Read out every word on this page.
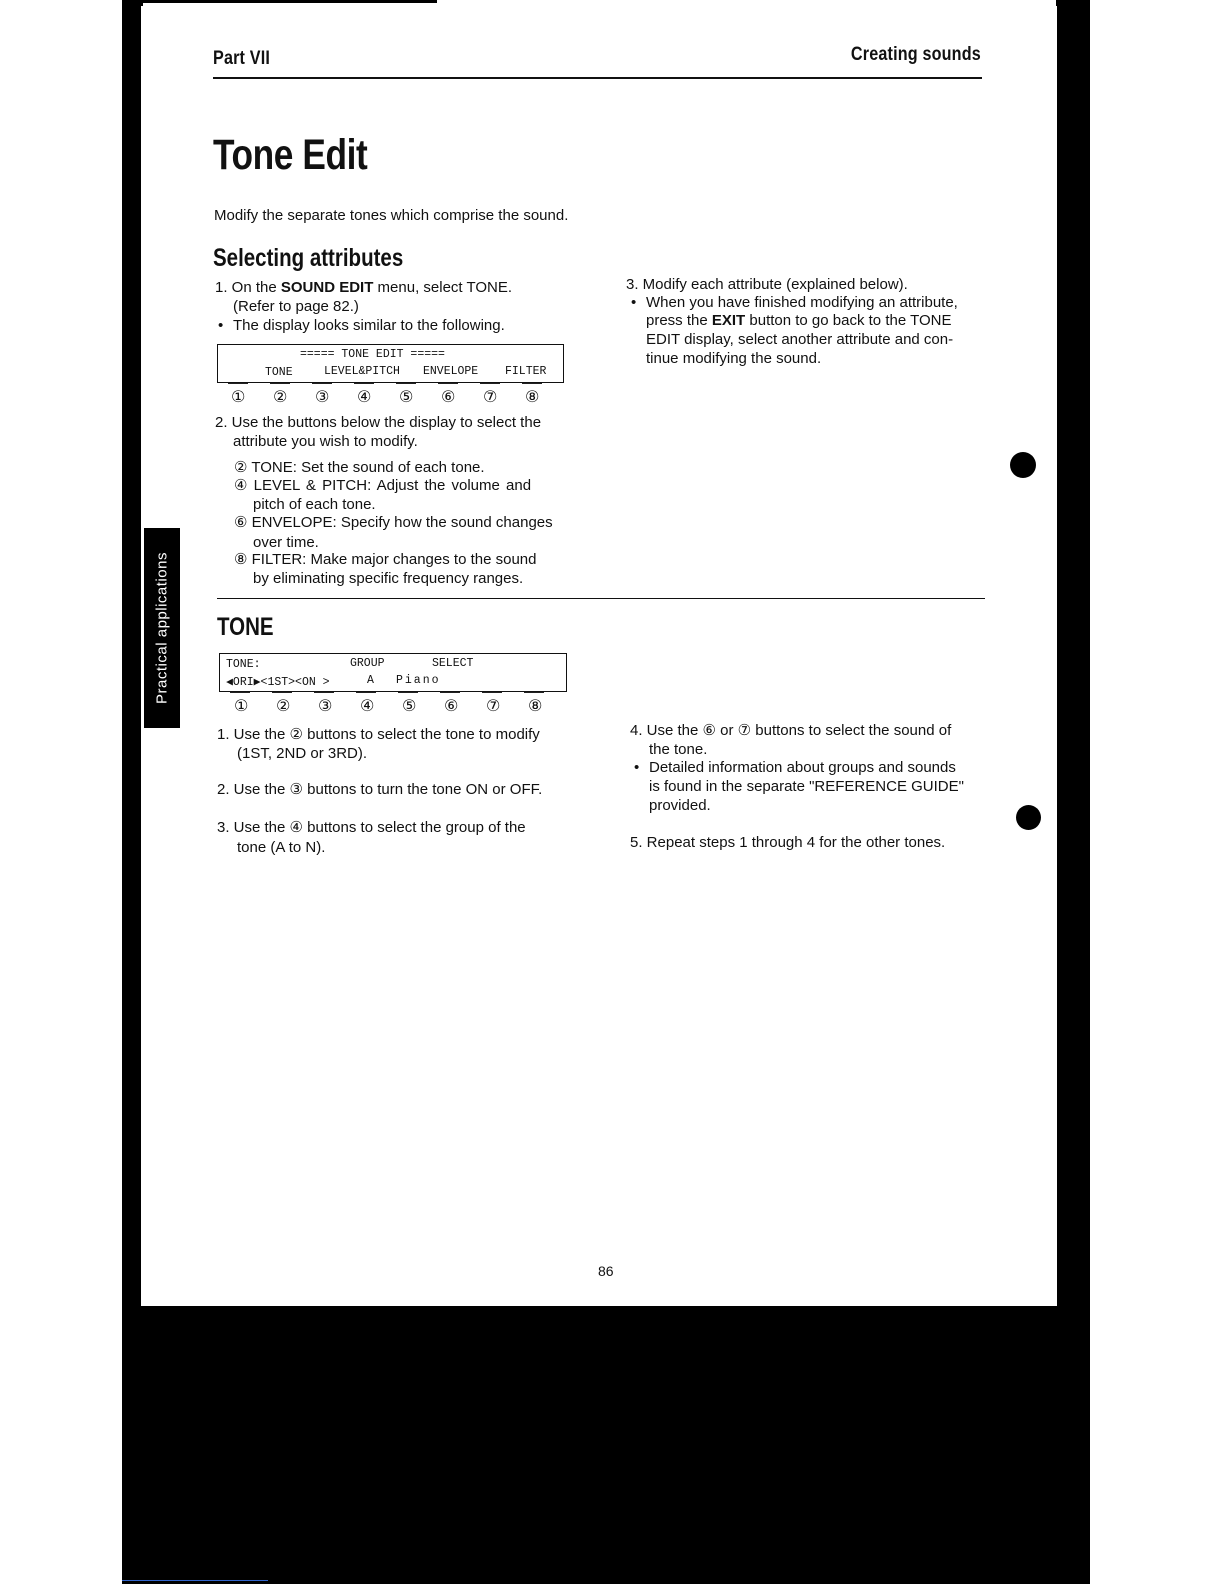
Part VII	Creating sounds
Tone Edit
Modify the separate tones which comprise the sound.
Selecting attributes
1. On the SOUND EDIT menu, select TONE.
(Refer to page 82.)
• The display looks similar to the following.
===== TONE EDIT =====
TONE	LEVEL&PITCH ENVELOPE FILTER
① ② ③ ④ ⑤ ⑥ ⑦ ⑧
2. Use the buttons below the display to select the
attribute you wish to modify.
② TONE: Set the sound of each tone.
④ LEVEL & PITCH: Adjust the volume and
pitch of each tone.
⑥ ENVELOPE: Specify how the sound changes
over time.
⑧ FILTER: Make major changes to the sound
by eliminating specific frequency ranges.
3. Modify each attribute (explained below).
• When you have finished modifying an attribute,
press the EXIT button to go back to the TONE
EDIT display, select another attribute and con-
tinue modifying the sound.
TONE
TONE:	GROUP	SELECT
◀ORI▶<1ST><ON >	A Piano
① ② ③ ④ ⑤ ⑥ ⑦ ⑧
1. Use the ② buttons to select the tone to modify
(1ST, 2ND or 3RD).
2. Use the ③ buttons to turn the tone ON or OFF.
3. Use the ④ buttons to select the group of the
tone (A to N).
4. Use the ⑥ or ⑦ buttons to select the sound of
the tone.
• Detailed information about groups and sounds
is found in the separate "REFERENCE GUIDE"
provided.
5. Repeat steps 1 through 4 for the other tones.
Practical applications
86
